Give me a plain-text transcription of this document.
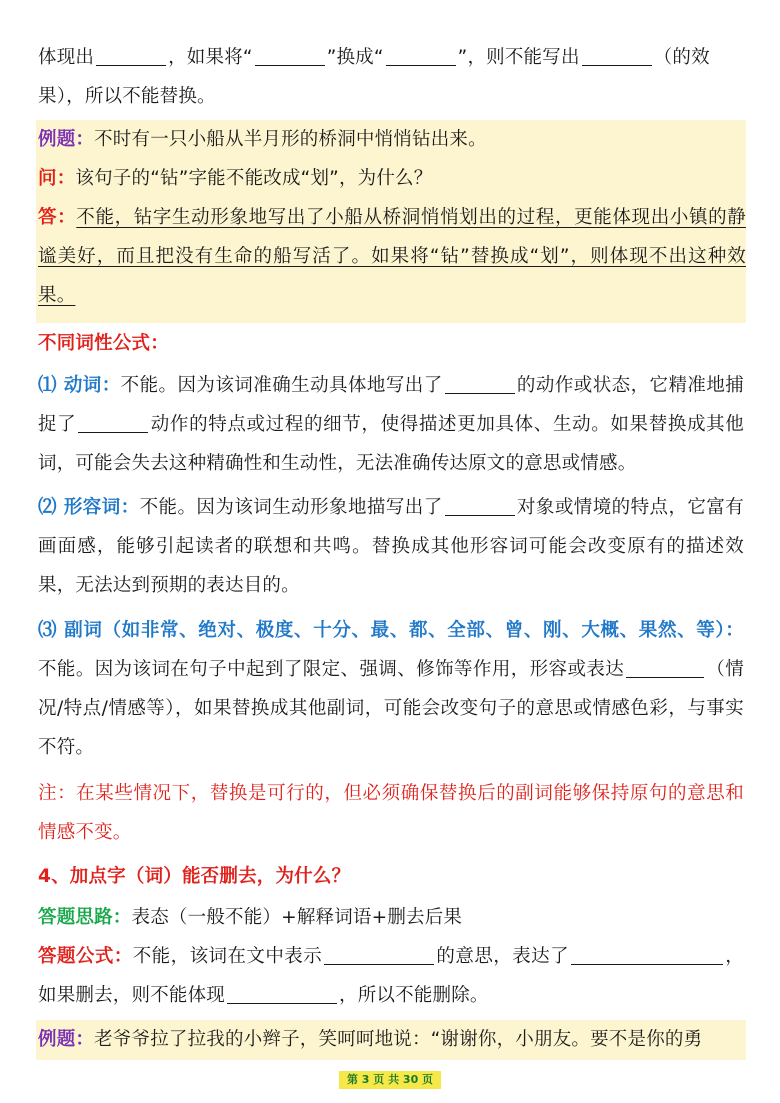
体现出	，如果将“	”换成“	”，则不能写出	（的效

果），所以不能替换。

例题：不时有一只小船从半月形的桥洞中悄悄钻出来。

问：该句子的“钻”字能不能改成“划”，为什么？

答：不能，钻字生动形象地写出了小船从桥洞悄悄划出的过程，更能体现出小镇的静谧美好，而且把没有生命的船写活了。如果将“钻”替换成“划”，则体现不出这种效果。

不同词性公式：

⑴ 动词：不能。因为该词准确生动具体地写出了	的动作或状态，它精准地捕捉了	动作的特点或过程的细节，使得描述更加具体、生动。如果替换成其他词，可能会失去这种精确性和生动性，无法准确传达原文的意思或情感。

⑵ 形容词：不能。因为该词生动形象地描写出了	对象或情境的特点，它富有画面感，能够引起读者的联想和共鸣。替换成其他形容词可能会改变原有的描述效果，无法达到预期的表达目的。

⑶ 副词（如非常、绝对、极度、十分、最、都、全部、曾、刚、大概、果然、等）：不能。因为该词在句子中起到了限定、强调、修饰等作用，形容或表达	（情况/特点/情感等），如果替换成其他副词，可能会改变句子的意思或情感色彩，与事实不符。

注：在某些情况下，替换是可行的，但必须确保替换后的副词能够保持原句的意思和情感不变。

4、加点字（词）能否删去，为什么？

答题思路：表态（一般不能）+解释词语+删去后果

答题公式：不能，该词在文中表示	的意思，表达了	，如果删去，则不能体现	，所以不能删除。

例题：老爷爷拉了拉我的小辫子，笑呵呵地说：“谢谢你，小朋友。要不是你的勇

第 3 页 共 30 页
